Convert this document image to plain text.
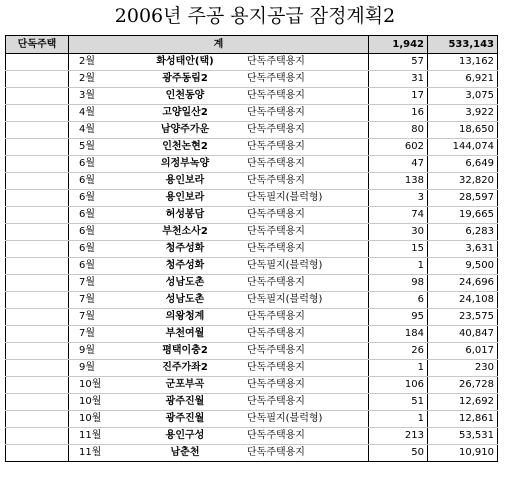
2006년 주공 용지공급 잠정계획2
단독주택	계			1,942	533,143
	2월	화성태안(택)	단독주택용지	57	13,162
	2월	광주동림2	단독주택용지	31	6,921
	3월	인천동양	단독주택용지	17	3,075
	4월	고양일산2	단독주택용지	16	3,922
	4월	남양주가운	단독주택용지	80	18,650
	5월	인천논현2	단독주택용지	602	144,074
	6월	의정부녹양	단독주택용지	47	6,649
	6월	용인보라	단독주택용지	138	32,820
	6월	용인보라	단독필지(블럭형)	3	28,597
	6월	허성봉담	단독주택용지	74	19,665
	6월	부천소사2	단독주택용지	30	6,283
	6월	청주성화	단독주택용지	15	3,631
	6월	청주성화	단독필지(블럭형)	1	9,500
	7월	성남도촌	단독주택용지	98	24,696
	7월	성남도촌	단독필지(블럭형)	6	24,108
	7월	의왕청계	단독주택용지	95	23,575
	7월	부천여월	단독주택용지	184	40,847
	9월	평택이충2	단독주택용지	26	6,017
	9월	진주가좌2	단독주택용지	1	230
	10월	군포부곡	단독주택용지	106	26,728
	10월	광주진월	단독주택용지	51	12,692
	10월	광주진월	단독필지(블럭형)	1	12,861
	11월	용인구성	단독주택용지	213	53,531
	11월	남춘천	단독주택용지	50	10,910
